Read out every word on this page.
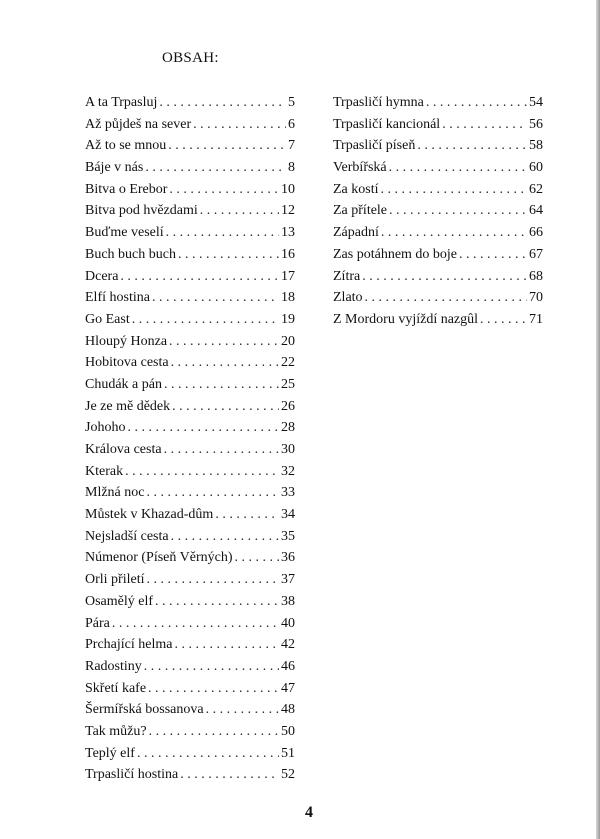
OBSAH:
A ta Trpasluj . . .	5
Až půjdeš na sever . . .	6
Až to se mnou . . .	7
Báje v nás . . .	8
Bitva o Erebor . . .	10
Bitva pod hvězdami . . .	12
Buďme veselí . . .	13
Buch buch buch . . .	16
Dcera . . .	17
Elfí hostina . . .	18
Go East . . .	19
Hloupý Honza . . .	20
Hobitova cesta . . .	22
Chudák a pán . . .	25
Je ze mě dědek . . .	26
Johoho . . .	28
Králova cesta . . .	30
Kterak . . .	32
Mlžná noc . . .	33
Můstek v Khazad-dûm . . .	34
Nejsladší cesta . . .	35
Númenor (Píseň Věrných) . . .	36
Orli přiletí . . .	37
Osamělý elf . . .	38
Pára . . .	40
Prchající helma . . .	42
Radostiny . . .	46
Skřetí kafe . . .	47
Šermířská bossanova . . .	48
Tak můžu? . . .	50
Teplý elf . . .	51
Trpasličí hostina . . .	52
Trpasličí hymna . . .	54
Trpasličí kancionál . . .	56
Trpasličí píseň . . .	58
Verbířská . . .	60
Za kostí . . .	62
Za přítele . . .	64
Západní . . .	66
Zas potáhnem do boje . . .	67
Zítra . . .	68
Zlato . . .	70
Z Mordoru vyjíždí nazgûl . . .	71
4
